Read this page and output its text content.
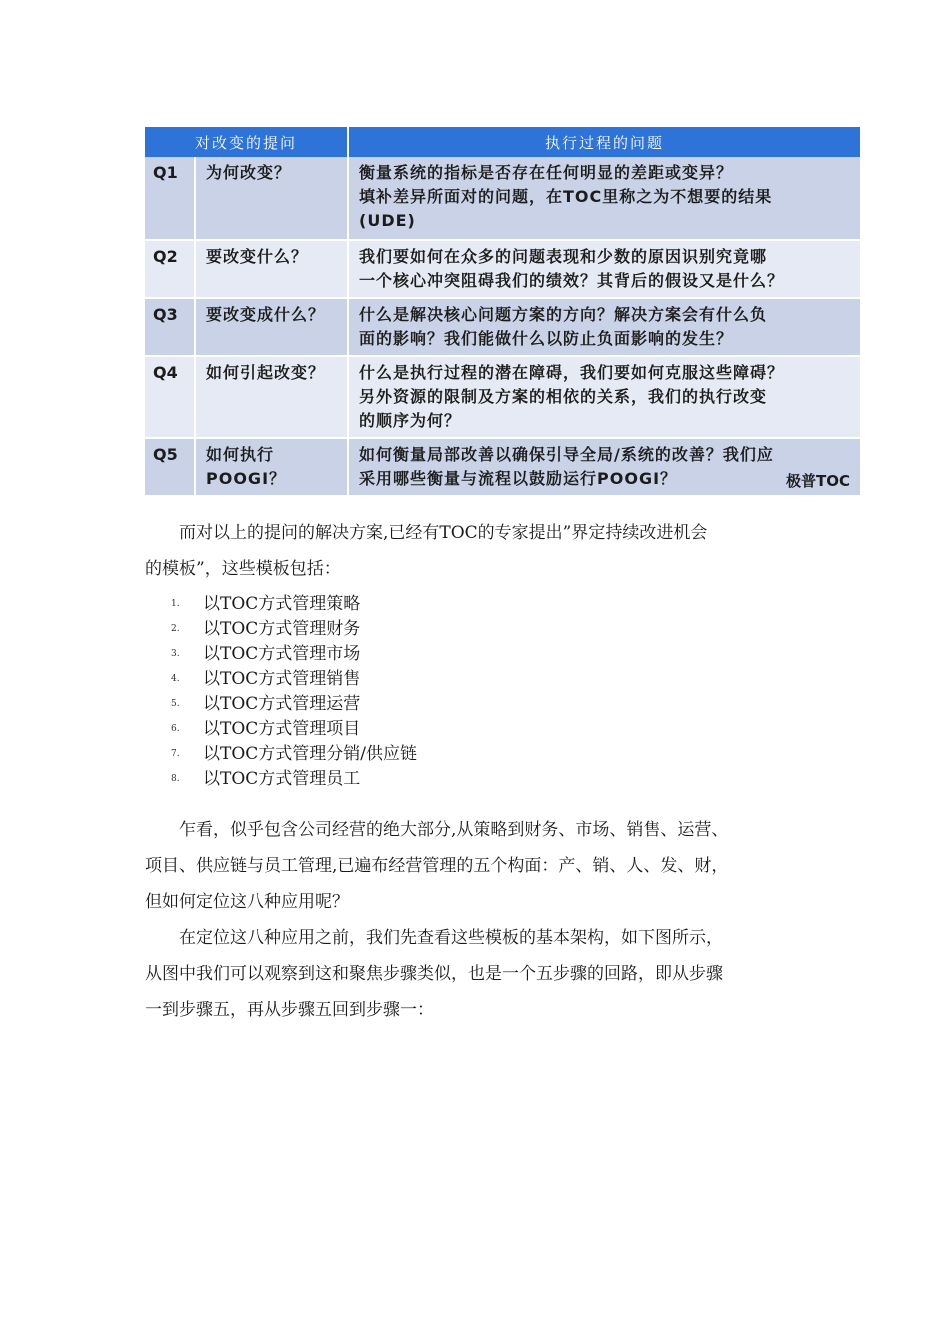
对改变的提问		执行过程的问题
Q1	为何改变？	衡量系统的指标是否存在任何明显的差距或变异？
填补差异所面对的问题，在TOC里称之为不想要的结果
(UDE)

Q2	要改变什么？	我们要如何在众多的问题表现和少数的原因识别究竟哪
一个核心冲突阻碍我们的绩效？其背后的假设又是什么？

Q3	要改变成什么？	什么是解决核心问题方案的方向？解决方案会有什么负
面的影响？我们能做什么以防止负面影响的发生？

Q4	如何引起改变？	什么是执行过程的潜在障碍，我们要如何克服这些障碍？
另外资源的限制及方案的相依的关系，我们的执行改变
的顺序为何？

Q5	如何执行
POOGI？	如何衡量局部改善以确保引导全局/系统的改善？我们应
采用哪些衡量与流程以鼓励运行POOGI？ 极普TOC

而对以上的提问的解决方案,已经有TOC的专家提出”界定持续改进机会
的模板”，这些模板包括：

1. 以TOC方式管理策略
2. 以TOC方式管理财务
3. 以TOC方式管理市场
4. 以TOC方式管理销售
5. 以TOC方式管理运营
6. 以TOC方式管理项目
7. 以TOC方式管理分销/供应链
8. 以TOC方式管理员工

乍看，似乎包含公司经营的绝大部分,从策略到财务、市场、销售、运营、
项目、供应链与员工管理,已遍布经营管理的五个构面：产、销、人、发、财，
但如何定位这八种应用呢？

在定位这八种应用之前，我们先查看这些模板的基本架构，如下图所示，
从图中我们可以观察到这和聚焦步骤类似，也是一个五步骤的回路，即从步骤
一到步骤五，再从步骤五回到步骤一：
